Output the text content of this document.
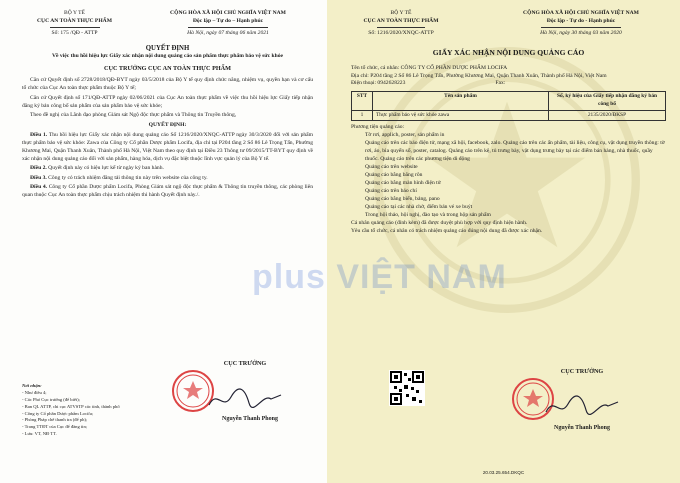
BỘ Y TẾ
CỤC AN TOÀN THỰC PHẨM
Số: 175 /QĐ - ATTP
CỘNG HÒA XÃ HỘI CHỦ NGHĨA VIỆT NAM
Độc lập – Tự do – Hạnh phúc
Hà Nội, ngày 07 tháng 06 năm 2021
QUYẾT ĐỊNH
Về việc thu hồi hiệu lực Giấy xác nhận nội dung quảng cáo sản phẩm thực phẩm bảo vệ sức khỏe
CỤC TRƯỞNG CỤC AN TOÀN THỰC PHẨM

Căn cứ Quyết định số 2728/2018/QĐ-BYT ngày 03/5/2018 của Bộ Y tế quy định chức năng, nhiệm vụ, quyền hạn và cơ cấu tổ chức của Cục An toàn thực phẩm thuộc Bộ Y tế;

Căn cứ Quyết định số 171/QĐ-ATTP ngày 02/06/2021 của Cục An toàn thực phẩm về việc thu hồi hiệu lực Giấy tiếp nhận đăng ký bản công bố sản phẩm của sản phẩm bảo vệ sức khỏe;

Theo đề nghị của Lãnh đạo phòng Giám sát Ngộ độc thực phẩm và Thông tin Truyền thông,

QUYẾT ĐỊNH:

Điều 1. Thu hồi hiệu lực Giấy xác nhận nội dung quảng cáo Số 1216/2020/XNQC-ATTP ngày 30/3/2020 đối với sản phẩm thực phẩm bảo vệ sức khỏe: Zawa của Công ty Cổ phần Dược phẩm Locifa, địa chỉ tại P204 tầng 2 Số 86 Lê Trọng Tấn, Phường Khương Mai, Quận Thanh Xuân, Thành phố Hà Nội, Việt Nam theo quy định tại Điều 23 Thông tư 09/2015/TT-BYT quy định về xác nhận nội dung quảng cáo đối với sản phẩm, hàng hóa, dịch vụ đặc biệt thuộc lĩnh vực quản lý của Bộ Y tế.

Điều 2. Quyết định này có hiệu lực kể từ ngày ký ban hành.

Điều 3. Công ty có trách nhiệm đăng tải thông tin này trên website của công ty.

Điều 4. Công ty Cổ phần Dược phẩm Locifa, Phòng Giám sát ngộ độc thực phẩm & Thông tin truyền thông, các phòng liên quan thuộc Cục An toàn thực phẩm chịu trách nhiệm thi hành Quyết định này./.

Nơi nhận:
- Như điều 4;
- Các Phó Cục trưởng (để biết);
- Ban QL ATTP, chi cục ATVSTP các tỉnh, thành phố
- Công ty Cổ phần Dược phẩm Locifa;
- Phòng Pháp chế thanh tra (để ph);
- Trang TTĐT của Cục để đăng tin;
- Lưu: VT, NĐ TT.
CỤC TRƯỞNG
Nguyễn Thanh Phong
BỘ Y TẾ
CỤC AN TOÀN THỰC PHẨM
Số: 1216/2020/XNQC-ATTP
CỘNG HÒA XÃ HỘI CHỦ NGHĨA VIỆT NAM
Độc lập - Tự do - Hạnh phúc
Hà Nội, ngày 30 tháng 03 năm 2020
GIẤY XÁC NHẬN NỘI DUNG QUẢNG CÁO
Tên tổ chức, cá nhân: CÔNG TY CỔ PHẦN DƯỢC PHẨM LOCIFA
Địa chỉ: P204 tầng 2 Số 86 Lê Trọng Tấn, Phường Khương Mai, Quận Thanh Xuân, Thành phố Hà Nội, Việt Nam
Điện thoại: 0942628223	Fax:
STT	Tên sản phẩm	Số, ký hiệu của Giấy tiếp nhận đăng ký bản công bố
1	Thực phẩm bảo vệ sức khỏe zawa	2135/2020/ĐKSP
Phương tiện quảng cáo:
Tờ rơi, applich, poster, sản phẩm in
Quảng cáo trên các báo điện tử, mạng xã hội, facebook, zalo. Quảng cáo trên các ấn phẩm, tài liệu, công cụ, vật dụng truyền thông: tờ rơi, áo, bìa quyển sổ, poster, catalog. Quảng cáo trên kệ, tủ trưng bày, vật dụng trưng bày tại các điểm bán hàng, nhà thuốc, quầy thuốc. Quảng cáo trên các phương tiện di động
Quảng cáo trên website
Quảng cáo bằng băng rôn
Quảng cáo bằng màn hình điện tử
Quảng cáo trên báo chí
Quảng cáo bằng biển, bảng, pano
Quảng cáo tại các nhà chờ, điểm bán vé xe buýt
Trong hội thảo, hội nghị, đào tạo và trong hộp sản phẩm
Cá nhân quảng cáo (đính kèm) đã được duyệt phù hợp với quy định hiện hành.
Yêu cầu tổ chức, cá nhân có trách nhiệm quảng cáo đúng nội dung đã được xác nhận.
CỤC TRƯỞNG
Nguyễn Thanh Phong
20.03.25.654.DKQC
plus VIỆT NAM
